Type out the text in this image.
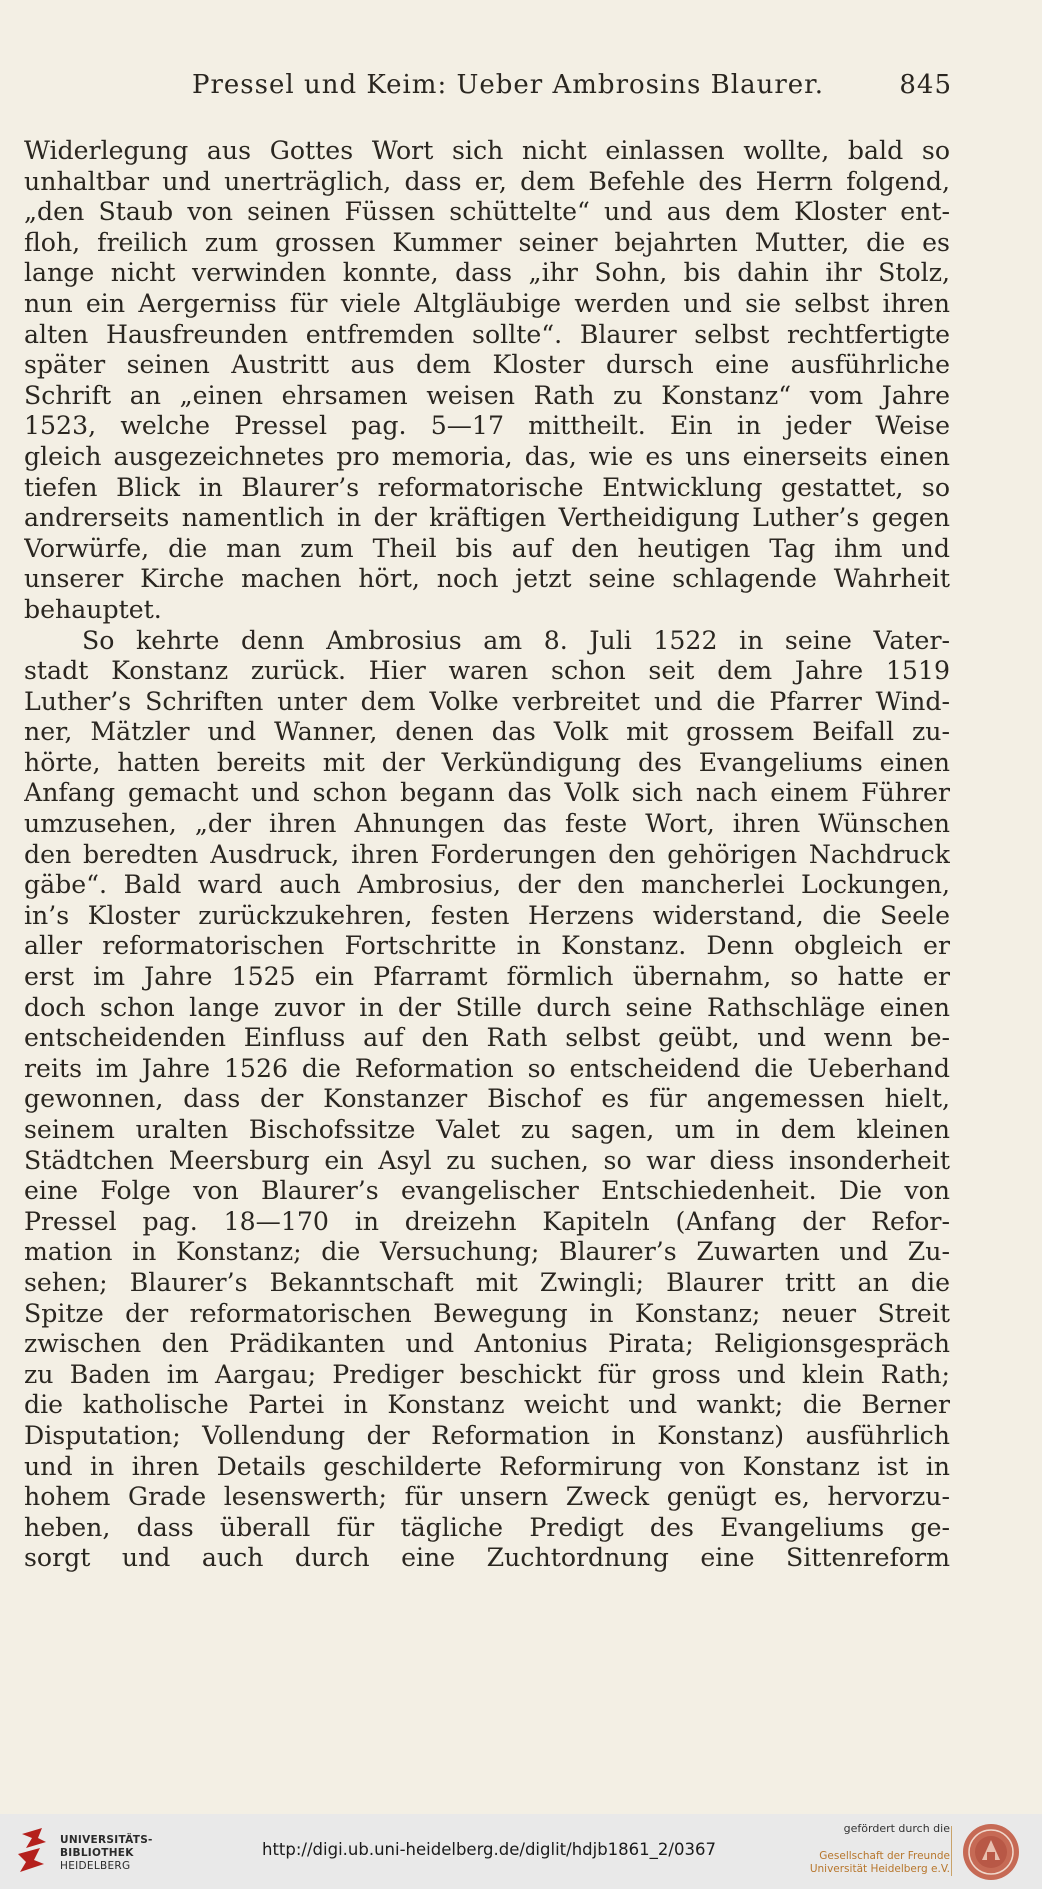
Pressel und Keim: Ueber Ambrosins Blaurer.	845
Widerlegung aus Gottes Wort sich nicht einlassen wollte, bald so
unhaltbar und unerträglich, dass er, dem Befehle des Herrn folgend,
„den Staub von seinen Füssen schüttelte“ und aus dem Kloster ent-
floh, freilich zum grossen Kummer seiner bejahrten Mutter, die es
lange nicht verwinden konnte, dass „ihr Sohn, bis dahin ihr Stolz,
nun ein Aergerniss für viele Altgläubige werden und sie selbst ihren
alten Hausfreunden entfremden sollte“. Blaurer selbst rechtfertigte
später seinen Austritt aus dem Kloster dursch eine ausführliche
Schrift an „einen ehrsamen weisen Rath zu Konstanz“ vom Jahre
1523, welche Pressel pag. 5—17 mittheilt. Ein in jeder Weise
gleich ausgezeichnetes pro memoria, das, wie es uns einerseits einen
tiefen Blick in Blaurer’s reformatorische Entwicklung gestattet, so
andrerseits namentlich in der kräftigen Vertheidigung Luther’s gegen
Vorwürfe, die man zum Theil bis auf den heutigen Tag ihm und
unserer Kirche machen hört, noch jetzt seine schlagende Wahrheit
behauptet.
So kehrte denn Ambrosius am 8. Juli 1522 in seine Vater-
stadt Konstanz zurück. Hier waren schon seit dem Jahre 1519
Luther’s Schriften unter dem Volke verbreitet und die Pfarrer Wind-
ner, Mätzler und Wanner, denen das Volk mit grossem Beifall zu-
hörte, hatten bereits mit der Verkündigung des Evangeliums einen
Anfang gemacht und schon begann das Volk sich nach einem Führer
umzusehen, „der ihren Ahnungen das feste Wort, ihren Wünschen
den beredten Ausdruck, ihren Forderungen den gehörigen Nachdruck
gäbe“. Bald ward auch Ambrosius, der den mancherlei Lockungen,
in’s Kloster zurückzukehren, festen Herzens widerstand, die Seele
aller reformatorischen Fortschritte in Konstanz. Denn obgleich er
erst im Jahre 1525 ein Pfarramt förmlich übernahm, so hatte er
doch schon lange zuvor in der Stille durch seine Rathschläge einen
entscheidenden Einfluss auf den Rath selbst geübt, und wenn be-
reits im Jahre 1526 die Reformation so entscheidend die Ueberhand
gewonnen, dass der Konstanzer Bischof es für angemessen hielt,
seinem uralten Bischofssitze Valet zu sagen, um in dem kleinen
Städtchen Meersburg ein Asyl zu suchen, so war diess insonderheit
eine Folge von Blaurer’s evangelischer Entschiedenheit. Die von
Pressel pag. 18—170 in dreizehn Kapiteln (Anfang der Refor-
mation in Konstanz; die Versuchung; Blaurer’s Zuwarten und Zu-
sehen; Blaurer’s Bekanntschaft mit Zwingli; Blaurer tritt an die
Spitze der reformatorischen Bewegung in Konstanz; neuer Streit
zwischen den Prädikanten und Antonius Pirata; Religionsgespräch
zu Baden im Aargau; Prediger beschickt für gross und klein Rath;
die katholische Partei in Konstanz weicht und wankt; die Berner
Disputation; Vollendung der Reformation in Konstanz) ausführlich
und in ihren Details geschilderte Reformirung von Konstanz ist in
hohem Grade lesenswerth; für unsern Zweck genügt es, hervorzu-
heben, dass überall für tägliche Predigt des Evangeliums ge-
sorgt und auch durch eine Zuchtordnung eine Sittenreform
UNIVERSITÄTS-
BIBLIOTHEK
HEIDELBERG
http://digi.ub.uni-heidelberg.de/diglit/hdjb1861_2/0367
gefördert durch die
Gesellschaft der Freunde
Universität Heidelberg e.V.
